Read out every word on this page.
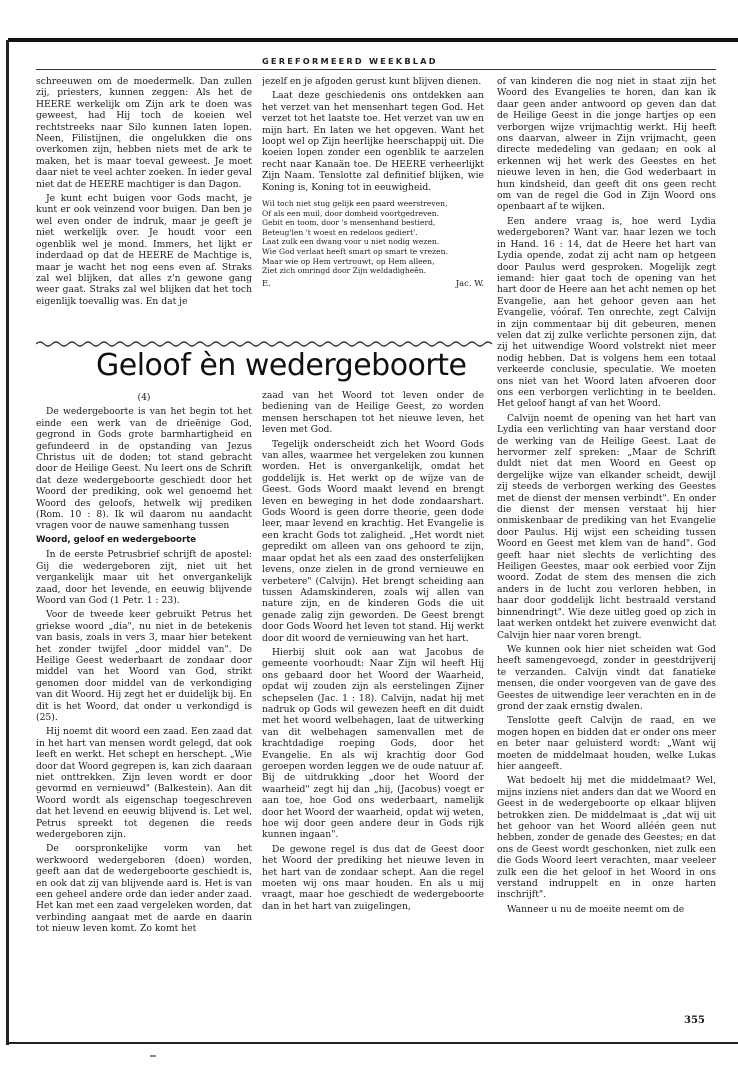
GEREFORMEERD WEEKBLAD

schreeuwen om de moedermelk. Dan zullen zij, priesters, kunnen zeggen: Als het de HEERE werkelijk om Zijn ark te doen was geweest, had Hij toch de koeien wel rechtstreeks naar Silo kunnen laten lopen. Neen, Filistijnen, die ongelukken die ons overkomen zijn, hebben niets met de ark te maken, het is maar toeval geweest. Je moet daar niet te veel achter zoeken. In ieder geval niet dat de HEERE machtiger is dan Dagon.

Je kunt echt buigen voor Gods macht, je kunt er ook veinzend voor buigen. Dan ben je wel even onder de indruk, maar je geeft je niet werkelijk over. Je houdt voor een ogenblik wel je mond. Immers, het lijkt er inderdaad op dat de HEERE de Machtige is, maar je wacht het nog eens even af. Straks zal wel blijken, dat alles z'n gewone gang weer gaat. Straks zal wel blijken dat het toch eigenlijk toevallig was. En dat je

jezelf en je afgoden gerust kunt blijven dienen.

Laat deze geschiedenis ons ontdekken aan het verzet van het mensenhart tegen God. Het verzet tot het laatste toe. Het verzet van uw en mijn hart. En laten we het opgeven. Want het loopt wel op Zijn heerlijke heerschappij uit. Die koeien lopen zonder een ogenblik te aarzelen recht naar Kanaän toe. De HEERE verheerlijkt Zijn Naam. Tenslotte zal definitief blijken, wie Koning is, Koning tot in eeuwigheid.

Wil toch niet stug gelijk een paard weerstreven,
Of als een muil, door domheid voortgedreven.
Gebit en toom, door 's mensenhand bestierd,
Beteug'len 't woest en redeloos gediert'.
Laat zulk een dwang voor u niet nodig wezen.
Wie God verlaat heeft smart op smart te vrezen.
Maar wie op Hem vertrouwt, op Hem alleen,
Ziet zich omringd door Zijn weldadigheên.
E.	Jac. W.

of van kinderen die nog niet in staat zijn het Woord des Evangelies te horen, dan kan ik daar geen ander antwoord op geven dan dat de Heilige Geest in die jonge hartjes op een verborgen wijze vrijmachtig werkt. Hij heeft ons daarvan, alweer in Zijn vrijmacht, geen directe mededeling van gedaan; en ook al erkennen wij het werk des Geestes en het nieuwe leven in hen, die God wederbaart in hun kindsheid, dan geeft dit ons geen recht om van de regel die God in Zijn Woord ons openbaart af te wijken.

Een andere vraag is, hoe werd Lydia wedergeboren? Want var. haar lezen we toch in Hand. 16 : 14, dat de Heere het hart van Lydia opende, zodat zij acht nam op hetgeen door Paulus werd gesproken. Mogelijk zegt iemand: hier gaat toch de opening van het hart door de Heere aan het acht nemen op het Evangelie, aan het gehoor geven aan het Evangelie, vóóraf. Ten onrechte, zegt Calvijn in zijn commentaar bij dit gebeuren, menen velen dat zij zulke verlichte personen zijn, dat zij het uitwendige Woord volstrekt niet meer nodig hebben. Dat is volgens hem een totaal verkeerde conclusie, speculatie. We moeten ons niet van het Woord laten afvoeren door ons een verborgen verlichting in te beelden. Het geloof hangt af van het Woord.

Calvijn noemt de opening van het hart van Lydia een verlichting van haar verstand door de werking van de Heilige Geest. Laat de hervormer zelf spreken: „Maar de Schrift duldt niet dat men Woord en Geest op dergelijke wijze van elkander scheidt, dewijl zij steeds de verborgen werking des Geestes met de dienst der mensen verbindt". En onder die dienst der mensen verstaat hij hier onmiskenbaar de prediking van het Evangelie door Paulus. Hij wijst een scheiding tussen Woord en Geest met klem van de hand". God geeft haar niet slechts de verlichting des Heiligen Geestes, maar ook eerbied voor Zijn woord. Zodat de stem des mensen die zich anders in de lucht zou verloren hebben, in haar door goddelijk licht bestraald verstand binnendringt". Wie deze uitleg goed op zich in laat werken ontdekt het zuivere evenwicht dat Calvijn hier naar voren brengt.

We kunnen ook hier niet scheiden wat God heeft samengevoegd, zonder in geestdrijverij te verzanden. Calvijn vindt dat fanatieke mensen, die onder voorgeven van de gave des Geestes de uitwendige leer verachten en in de grond der zaak ernstig dwalen.

Tenslotte geeft Calvijn de raad, en we mogen hopen en bidden dat er onder ons meer en beter naar geluisterd wordt: „Want wij moeten de middelmaat houden, welke Lukas hier aangeeft.

Wat bedoelt hij met die middelmaat? Wel, mijns inziens niet anders dan dat we Woord en Geest in de wedergeboorte op elkaar blijven betrokken zien. De middelmaat is „dat wij uit het gehoor van het Woord alléén geen nut hebben, zonder de genade des Geestes; en dat ons de Geest wordt geschonken, niet zulk een die Gods Woord leert verachten, maar veeleer zulk een die het geloof in het Woord in ons verstand indruppelt en in onze harten inschrijft".

Wanneer u nu de moeite neemt om de

Geloof èn wedergeboorte

(4)

De wedergeboorte is van het begin tot het einde een werk van de drieënige God, gegrond in Gods grote barmhartigheid en gefundeerd in de opstanding van Jezus Christus uit de doden; tot stand gebracht door de Heilige Geest. Nu leert ons de Schrift dat deze wedergeboorte geschiedt door het Woord der prediking, ook wel genoemd het Woord des geloofs, hetwelk wij prediken (Rom. 10 : 8). Ik wil daarom nu aandacht vragen voor de nauwe samenhang tussen

Woord, geloof en wedergeboorte

In de eerste Petrusbrief schrijft de apostel: Gij die wedergeboren zijt, niet uit het vergankelijk maar uit het onvergankelijk zaad, door het levende, en eeuwig blijvende Woord van God (1 Petr. 1 : 23).

Voor de tweede keer gebruikt Petrus het griekse woord „dia", nu niet in de betekenis van basis, zoals in vers 3, maar hier betekent het zonder twijfel „door middel van". De Heilige Geest wederbaart de zondaar door middel van het Woord van God, strikt genomen door middel van de verkondiging van dit Woord. Hij zegt het er duidelijk bij. En dit is het Woord, dat onder u verkondigd is (25).

Hij noemt dit woord een zaad. Een zaad dat in het hart van mensen wordt gelegd, dat ook leeft en werkt. Het schept en herschept. „Wie door dat Woord gegrepen is, kan zich daaraan niet onttrekken. Zijn leven wordt er door gevormd en vernieuwd" (Balkestein). Aan dit Woord wordt als eigenschap toegeschreven dat het levend en eeuwig blijvend is. Let wel, Petrus spreekt tot degenen die reeds wedergeboren zijn.

De oorspronkelijke vorm van het werkwoord wedergeboren (doen) worden, geeft aan dat de wedergeboorte geschiedt is, en ook dat zij van blijvende aard is. Het is van een geheel andere orde dan ieder ander zaad. Het kan met een zaad vergeleken worden, dat verbinding aangaat met de aarde en daarin tot nieuw leven komt. Zo komt het

zaad van het Woord tot leven onder de bediening van de Heilige Geest, zo worden mensen herschapen tot het nieuwe leven, het leven met God.

Tegelijk onderscheidt zich het Woord Gods van alles, waarmee het vergeleken zou kunnen worden. Het is onvergankelijk, omdat het goddelijk is. Het werkt op de wijze van de Geest. Gods Woord maakt levend en brengt leven en beweging in het dode zondaarshart. Gods Woord is geen dorre theorie, geen dode leer, maar levend en krachtig. Het Evangelie is een kracht Gods tot zaligheid. „Het wordt niet gepredikt om alleen van ons gehoord te zijn, maar opdat het als een zaad des onsterfelijken levens, onze zielen in de grond vernieuwe en verbetere" (Calvijn). Het brengt scheiding aan tussen Adamskinderen, zoals wij allen van nature zijn, en de kinderen Gods die uit genade zalig zijn geworden. De Geest brengt door Gods Woord het leven tot stand. Hij werkt door dit woord de vernieuwing van het hart.

Hierbij sluit ook aan wat Jacobus de gemeente voorhoudt: Naar Zijn wil heeft Hij ons gebaard door het Woord der Waarheid, opdat wij zouden zijn als eerstelingen Zijner schepselen (Jac. 1 : 18). Calvijn, nadat hij met nadruk op Gods wil gewezen heeft en dit duidt met het woord welbehagen, laat de uitwerking van dit welbehagen samenvallen met de krachtdadige roeping Gods, door het Evangelie. En als wij krachtig door God geroepen worden leggen we de oude natuur af. Bij de uitdrukking „door het Woord der waarheid" zegt hij dan „hij, (Jacobus) voegt er aan toe, hoe God ons wederbaart, namelijk door het Woord der waarheid, opdat wij weten, hoe wij door geen andere deur in Gods rijk kunnen ingaan".

De gewone regel is dus dat de Geest door het Woord der prediking het nieuwe leven in het hart van de zondaar schept. Aan die regel moeten wij ons maar houden. En als u mij vraagt, maar hoe geschiedt de wedergeboorte dan in het hart van zuigelingen,

355
